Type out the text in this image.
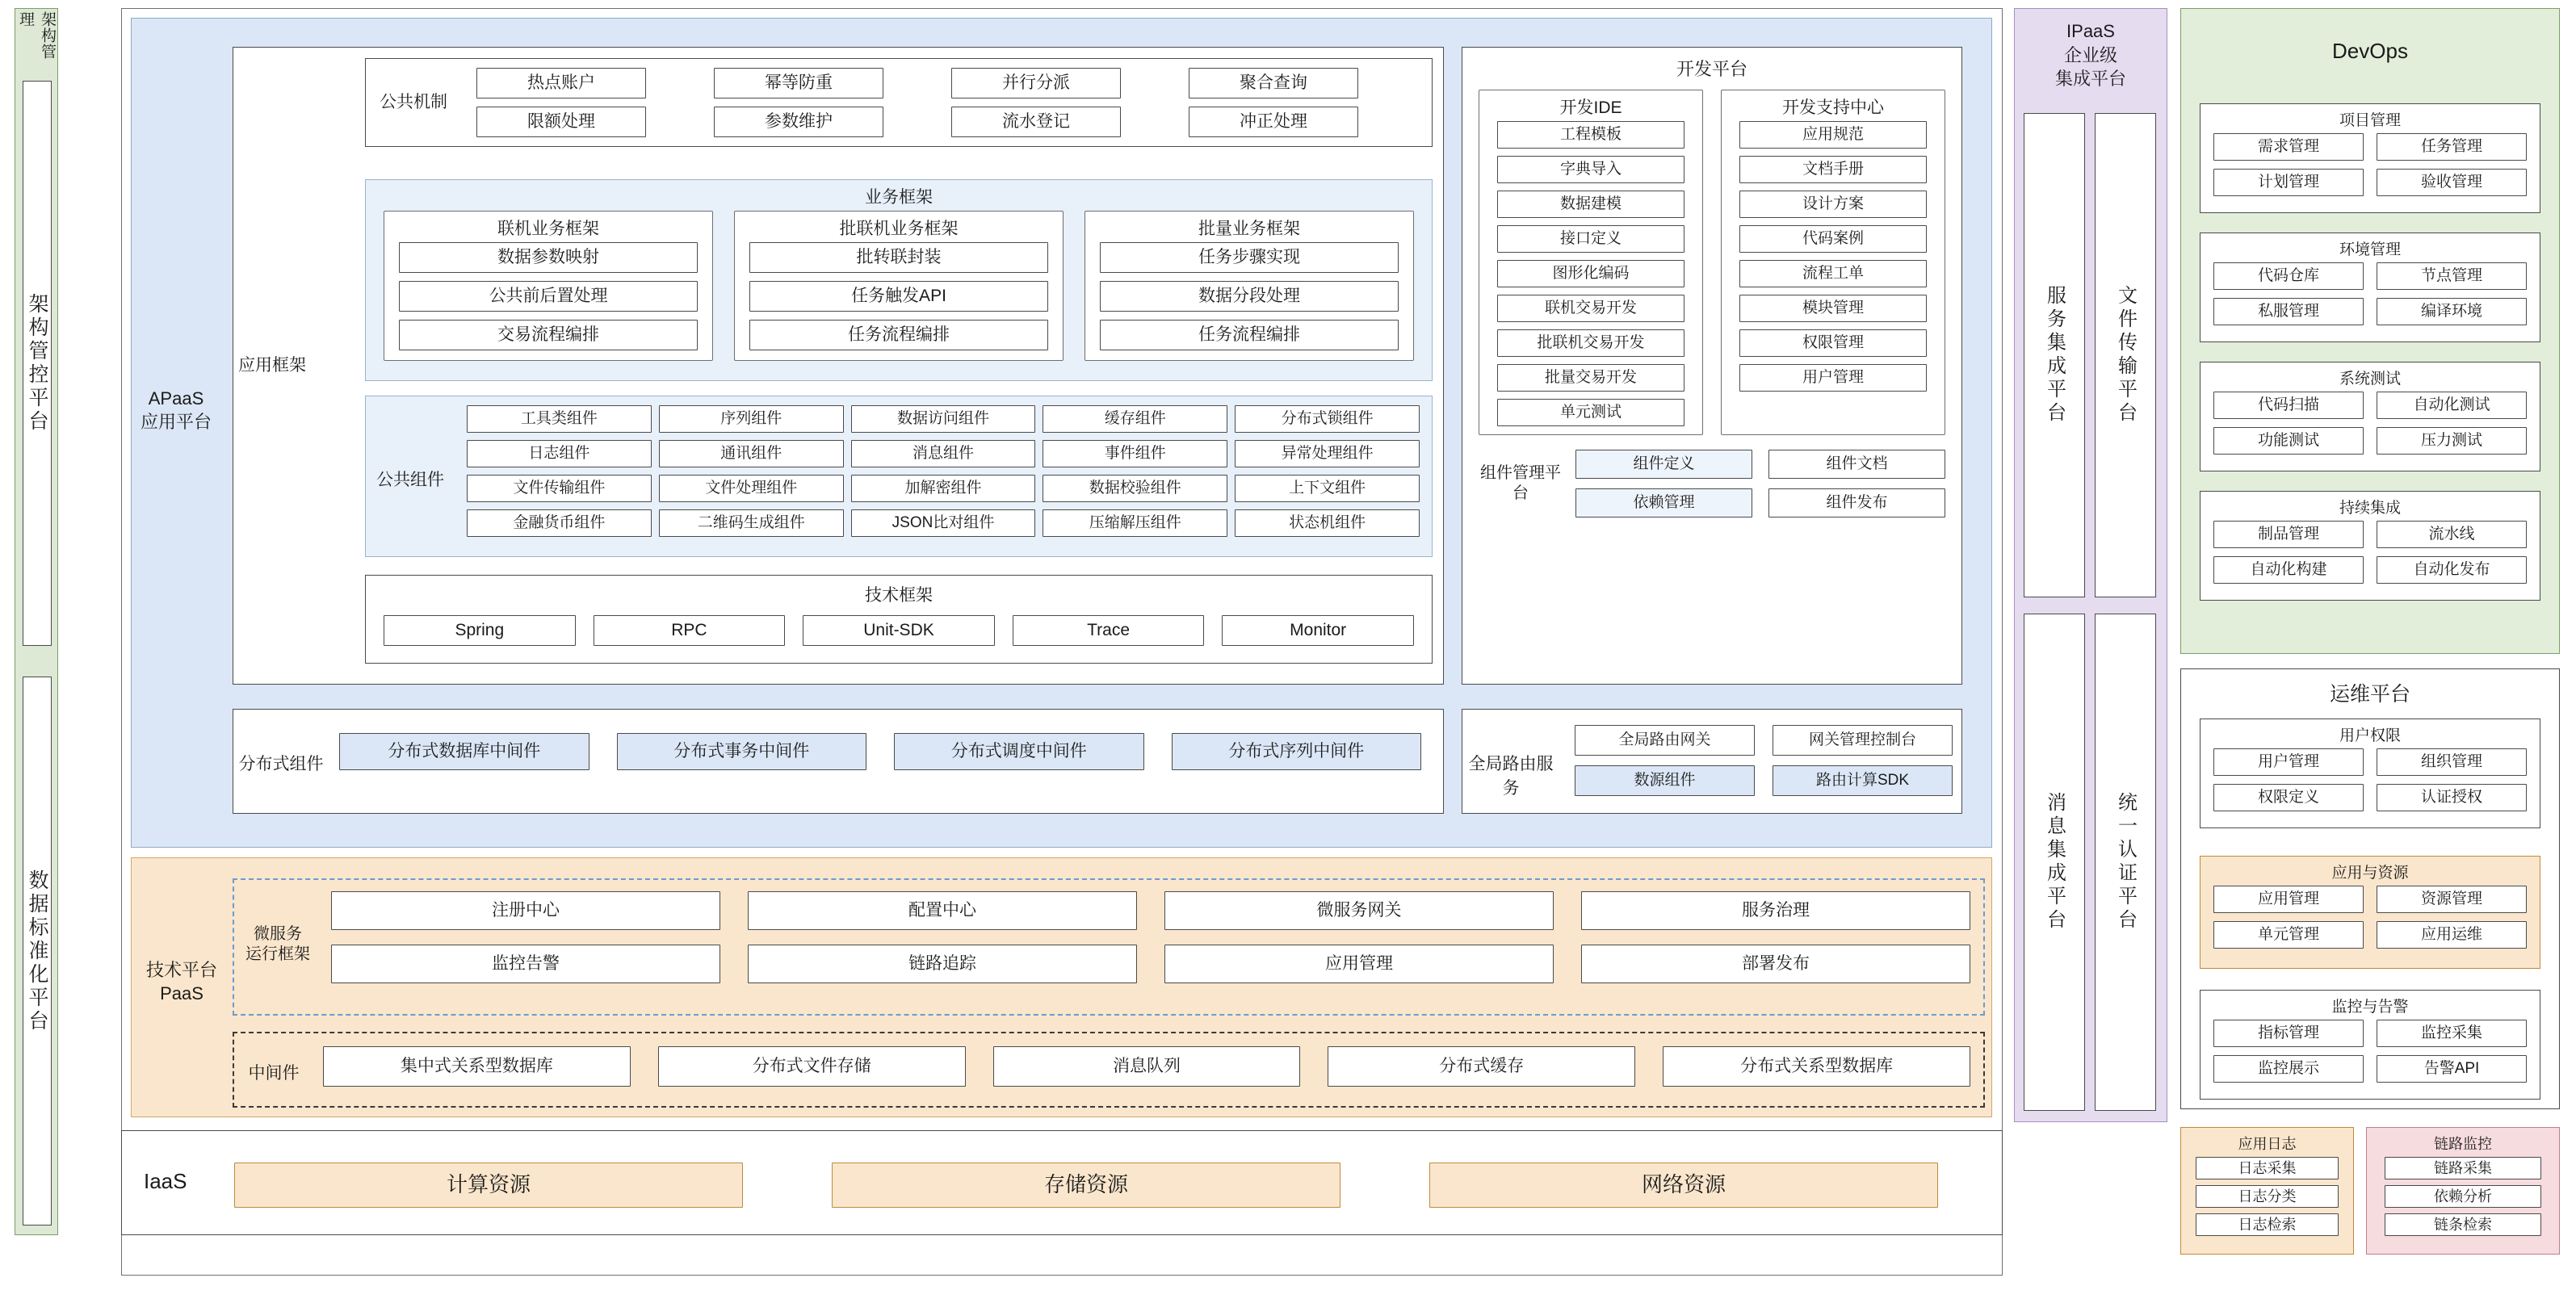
架构管理
架构管控平台
数据标准化平台
APaaS
应用平台
应用框架
公共机制
热点账户	幂等防重	并行分派	聚合查询
限额处理	参数维护	流水登记	冲正处理
业务框架
联机业务框架
数据参数映射
公共前后置处理
交易流程编排
批联机业务框架
批转联封装
任务触发API
任务流程编排
批量业务框架
任务步骤实现
数据分段处理
任务流程编排
公共组件
工具类组件	序列组件	数据访问组件	缓存组件	分布式锁组件
日志组件	通讯组件	消息组件	事件组件	异常处理组件
文件传输组件	文件处理组件	加解密组件	数据校验组件	上下文组件
金融货币组件	二维码生成组件	JSON比对组件	压缩解压组件	状态机组件
技术框架
Spring	RPC	Unit-SDK	Trace	Monitor
开发平台
开发IDE
工程模板
字典导入
数据建模
接口定义
图形化编码
联机交易开发
批联机交易开发
批量交易开发
单元测试
开发支持中心
应用规范
文档手册
设计方案
代码案例
流程工单
模块管理
权限管理
用户管理
组件管理平台
组件定义	组件文档
依赖管理	组件发布
分布式组件
分布式数据库中间件	分布式事务中间件	分布式调度中间件	分布式序列中间件
全局路由服务
全局路由网关	网关管理控制台
数源组件	路由计算SDK
技术平台
PaaS
微服务
运行框架
注册中心	配置中心	微服务网关	服务治理
监控告警	链路追踪	应用管理	部署发布
中间件	集中式关系型数据库	分布式文件存储	消息队列	分布式缓存	分布式关系型数据库
IaaS	计算资源	存储资源	网络资源
IPaaS
企业级
集成平台
服务集成平台	文件传输平台
消息集成平台	统一认证平台
DevOps
项目管理
需求管理	任务管理
计划管理	验收管理
环境管理
代码仓库	节点管理
私服管理	编译环境
系统测试
代码扫描	自动化测试
功能测试	压力测试
持续集成
制品管理	流水线
自动化构建	自动化发布
运维平台
用户权限
用户管理	组织管理
权限定义	认证授权
应用与资源
应用管理	资源管理
单元管理	应用运维
监控与告警
指标管理	监控采集
监控展示	告警API
应用日志
日志采集
日志分类
日志检索
链路监控
链路采集
依赖分析
链条检索
